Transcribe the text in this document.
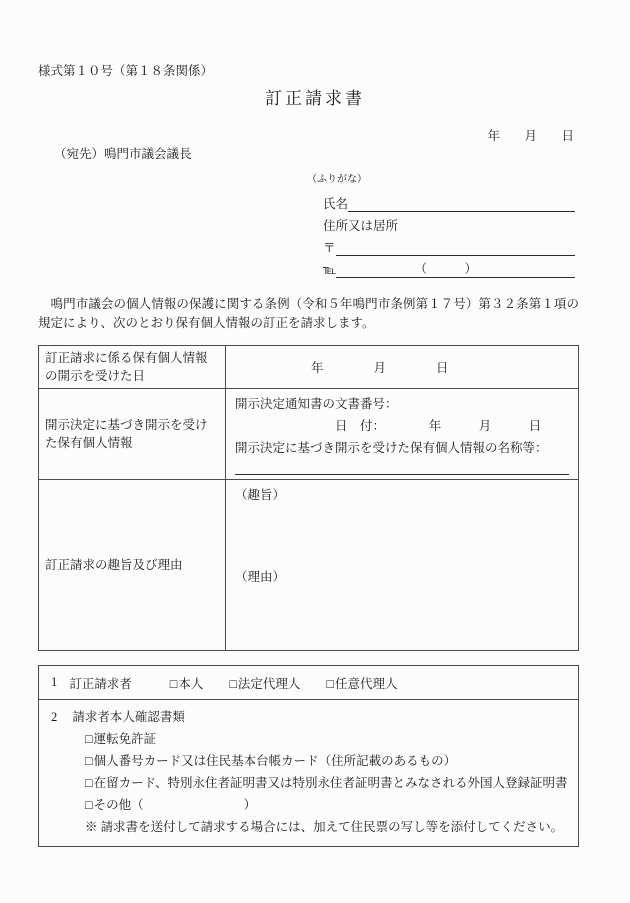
様式第１０号（第１８条関係）
訂正請求書
年　月　日
（宛先）鳴門市議会議長
（ふりがな）
氏名
住所又は居所
〒
℡	（　　　）
　鳴門市議会の個人情報の保護に関する条例（令和５年鳴門市条例第１７号）第３２条第１項の規定により、次のとおり保有個人情報の訂正を請求します。
訂正請求に係る保有個人情報の開示を受けた日	年　　　　月　　　　日

開示決定に基づき開示を受けた保有個人情報	開示決定通知書の文書番号：
日　付：　　　　年　　　月　　　日
開示決定に基づき開示を受けた保有個人情報の名称等：

訂正請求の趣旨及び理由	（趣旨）
（理由）
1 訂正請求者	□本人 □法定代理人 □任意代理人

2 請求者本人確認書類
□運転免許証
□個人番号カード又は住民基本台帳カード（住所記載のあるもの）
□在留カード、特別永住者証明書又は特別永住者証明書とみなされる外国人登録証明書
□その他（　　　　　　　　）
※ 請求書を送付して請求する場合には、加えて住民票の写し等を添付してください。
